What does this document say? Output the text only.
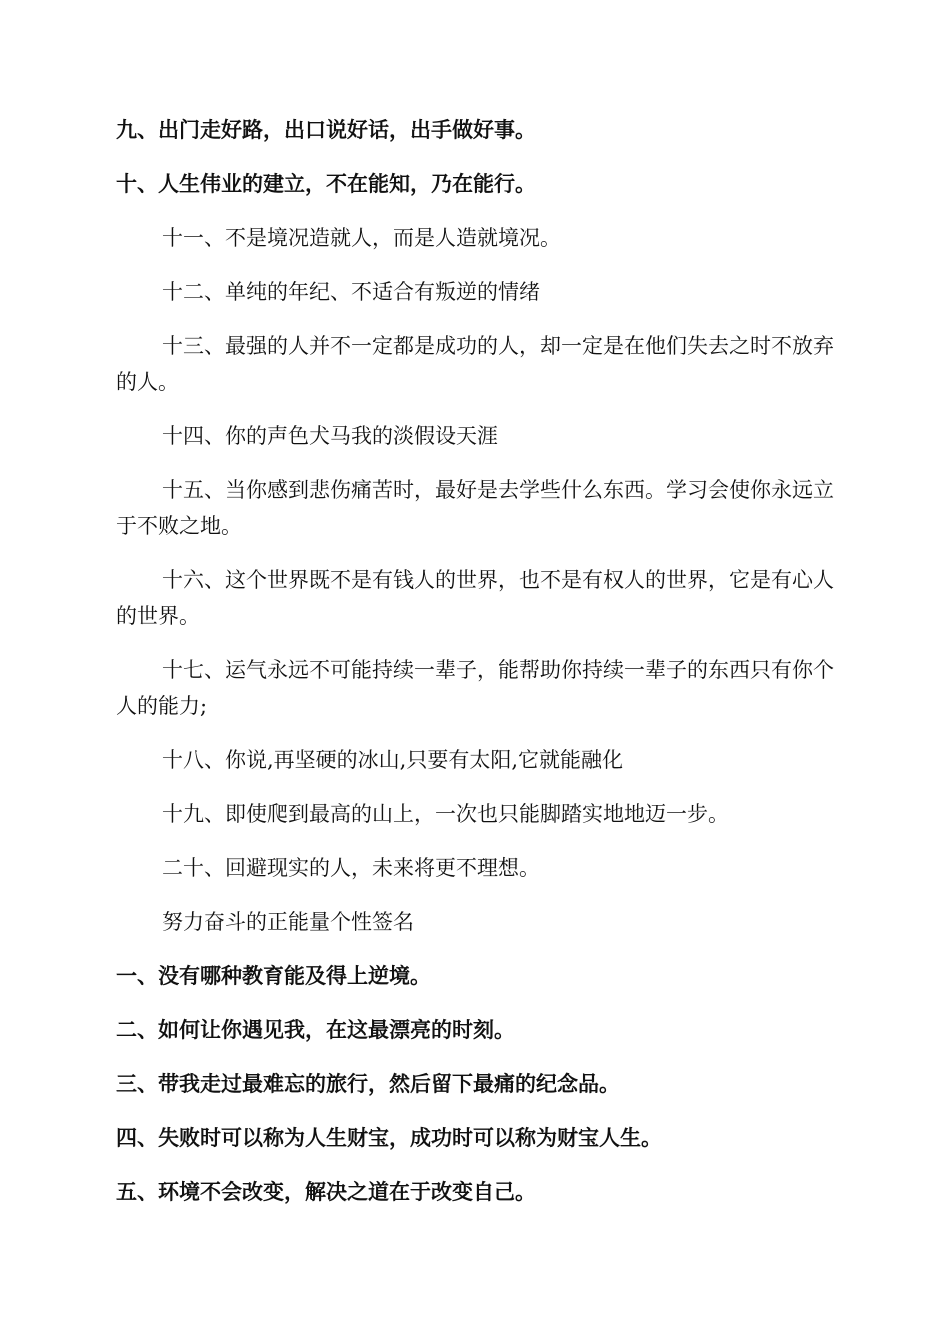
九、出门走好路，出口说好话，出手做好事。

十、人生伟业的建立，不在能知，乃在能行。

十一、不是境况造就人，而是人造就境况。

十二、单纯的年纪、不适合有叛逆的情绪

十三、最强的人并不一定都是成功的人，却一定是在他们失去之时不放弃的人。

十四、你的声色犬马我的淡假设天涯

十五、当你感到悲伤痛苦时，最好是去学些什么东西。学习会使你永远立于不败之地。

十六、这个世界既不是有钱人的世界，也不是有权人的世界，它是有心人的世界。

十七、运气永远不可能持续一辈子，能帮助你持续一辈子的东西只有你个人的能力;

十八、你说,再坚硬的冰山,只要有太阳,它就能融化

十九、即使爬到最高的山上，一次也只能脚踏实地地迈一步。

二十、回避现实的人，未来将更不理想。

努力奋斗的正能量个性签名

一、没有哪种教育能及得上逆境。

二、如何让你遇见我，在这最漂亮的时刻。

三、带我走过最难忘的旅行，然后留下最痛的纪念品。

四、失败时可以称为人生财宝，成功时可以称为财宝人生。

五、环境不会改变，解决之道在于改变自己。
